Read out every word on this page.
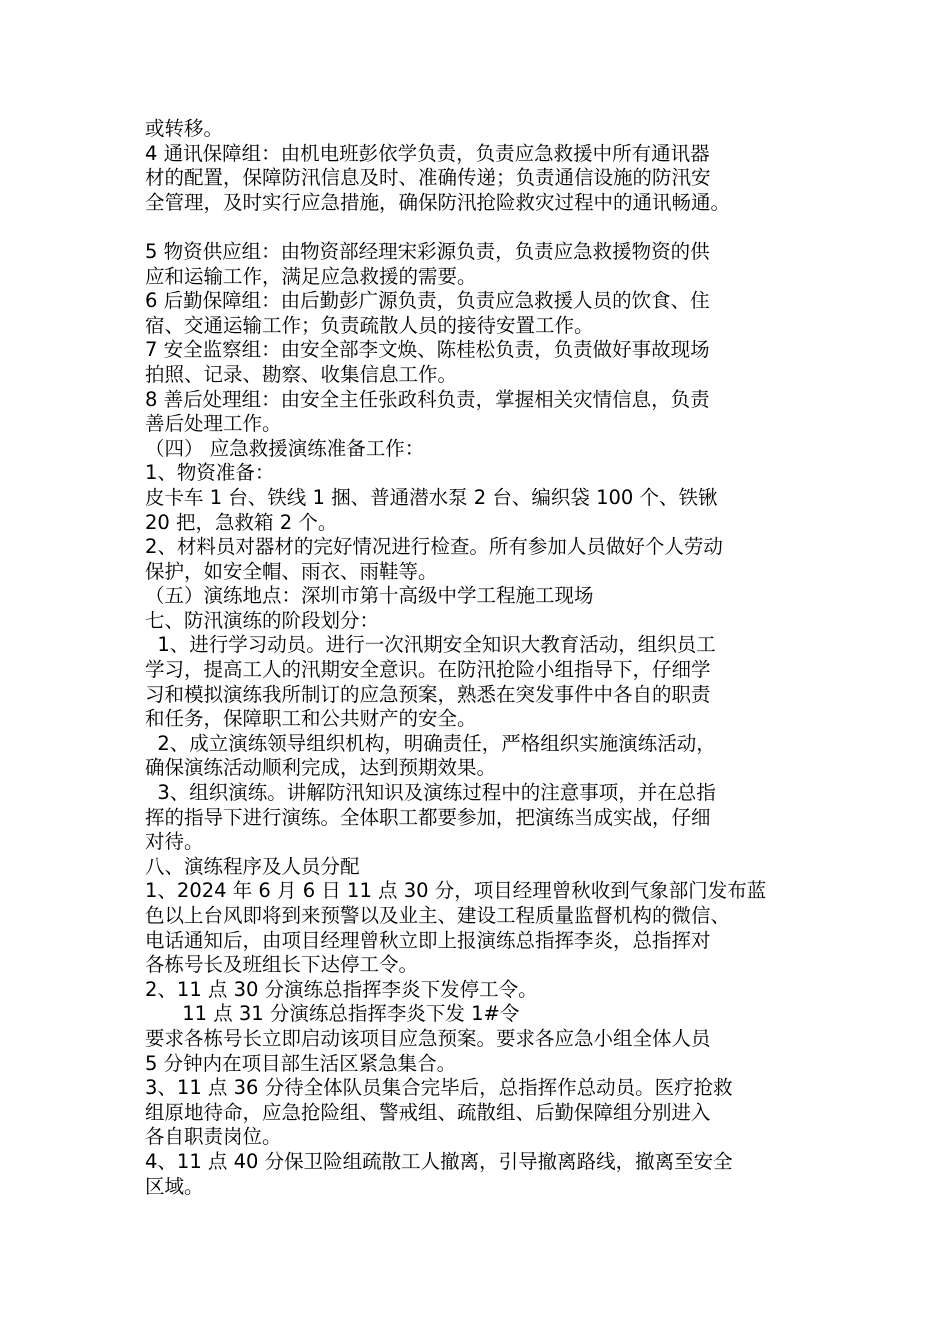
或转移。
4 通讯保障组：由机电班彭依学负责，负责应急救援中所有通讯器
材的配置，保障防汛信息及时、准确传递；负责通信设施的防汛安
全管理，及时实行应急措施，确保防汛抢险救灾过程中的通讯畅通。
5 物资供应组：由物资部经理宋彩源负责，负责应急救援物资的供
应和运输工作，满足应急救援的需要。
6 后勤保障组：由后勤彭广源负责，负责应急救援人员的饮食、住
宿、交通运输工作；负责疏散人员的接待安置工作。
7 安全监察组：由安全部李文焕、陈桂松负责，负责做好事故现场
拍照、记录、勘察、收集信息工作。
8 善后处理组：由安全主任张政科负责，掌握相关灾情信息，负责
善后处理工作。
（四） 应急救援演练准备工作：
1、物资准备：
皮卡车 1 台、铁线 1 捆、普通潜水泵 2 台、编织袋 100 个、铁锹
20 把，急救箱 2 个。
2、材料员对器材的完好情况进行检查。所有参加人员做好个人劳动
保护，如安全帽、雨衣、雨鞋等。
（五）演练地点：深圳市第十高级中学工程施工现场
七、防汛演练的阶段划分：
1、进行学习动员。进行一次汛期安全知识大教育活动，组织员工
学习，提高工人的汛期安全意识。在防汛抢险小组指导下，仔细学
习和模拟演练我所制订的应急预案，熟悉在突发事件中各自的职责
和任务，保障职工和公共财产的安全。
2、成立演练领导组织机构，明确责任，严格组织实施演练活动，
确保演练活动顺利完成，达到预期效果。
3、组织演练。讲解防汛知识及演练过程中的注意事项，并在总指
挥的指导下进行演练。全体职工都要参加，把演练当成实战，仔细
对待。
八、演练程序及人员分配
1、2024 年 6 月 6 日 11 点 30 分，项目经理曾秋收到气象部门发布蓝
色以上台风即将到来预警以及业主、建设工程质量监督机构的微信、
电话通知后，由项目经理曾秋立即上报演练总指挥李炎，总指挥对
各栋号长及班组长下达停工令。
2、11 点 30 分演练总指挥李炎下发停工令。
11 点 31 分演练总指挥李炎下发 1#令
要求各栋号长立即启动该项目应急预案。要求各应急小组全体人员
5 分钟内在项目部生活区紧急集合。
3、11 点 36 分待全体队员集合完毕后，总指挥作总动员。医疗抢救
组原地待命，应急抢险组、警戒组、疏散组、后勤保障组分别进入
各自职责岗位。
4、11 点 40 分保卫险组疏散工人撤离，引导撤离路线，撤离至安全
区域。
